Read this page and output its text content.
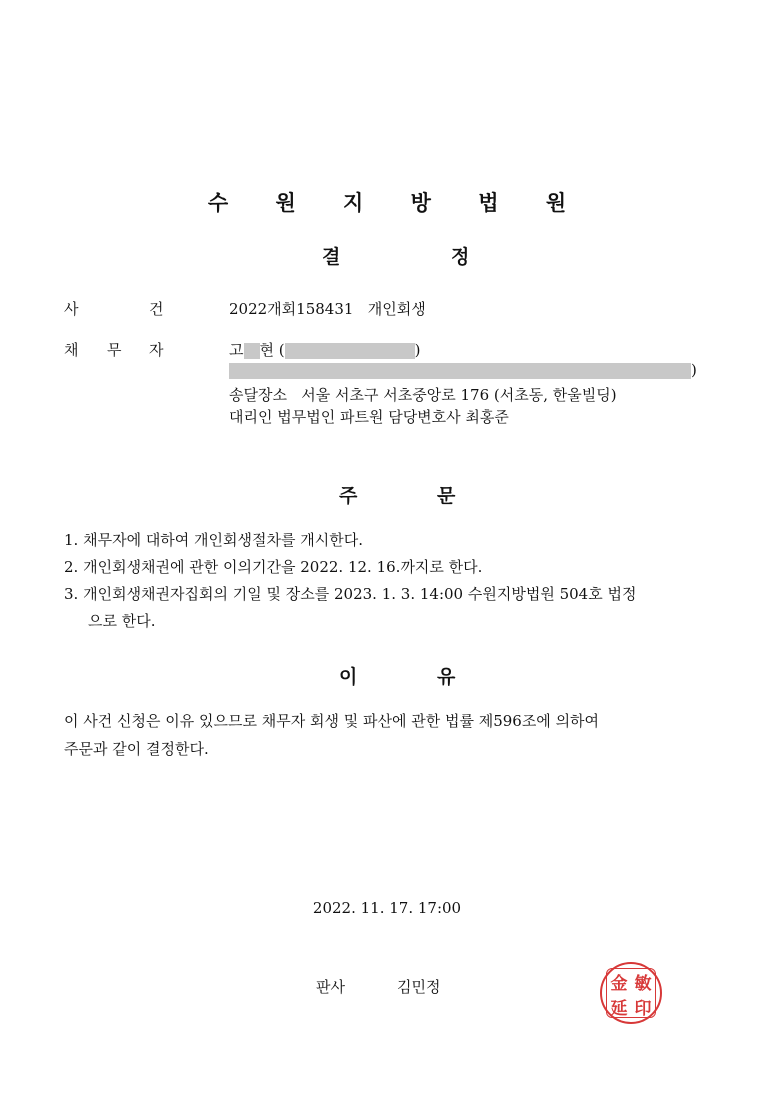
수 원 지 방 법 원
결	정
사	건	2022개회158431 개인회생
채 무 자	고 현 (	)
)
송달장소 서울 서초구 서초중앙로 176 (서초동, 한울빌딩)
대리인 법무법인 파트원 담당변호사 최홍준
주	문
1. 채무자에 대하여 개인회생절차를 개시한다.
2. 개인회생채권에 관한 이의기간을 2022. 12. 16.까지로 한다.
3. 개인회생채권자집회의 기일 및 장소를 2023. 1. 3. 14:00 수원지방법원 504호 법정
으로 한다.
이	유
이 사건 신청은 이유 있으므로 채무자 회생 및 파산에 관한 법률 제596조에 의하여
주문과 같이 결정한다.
2022. 11. 17. 17:00
판사	김민정	金 敏
延 印
